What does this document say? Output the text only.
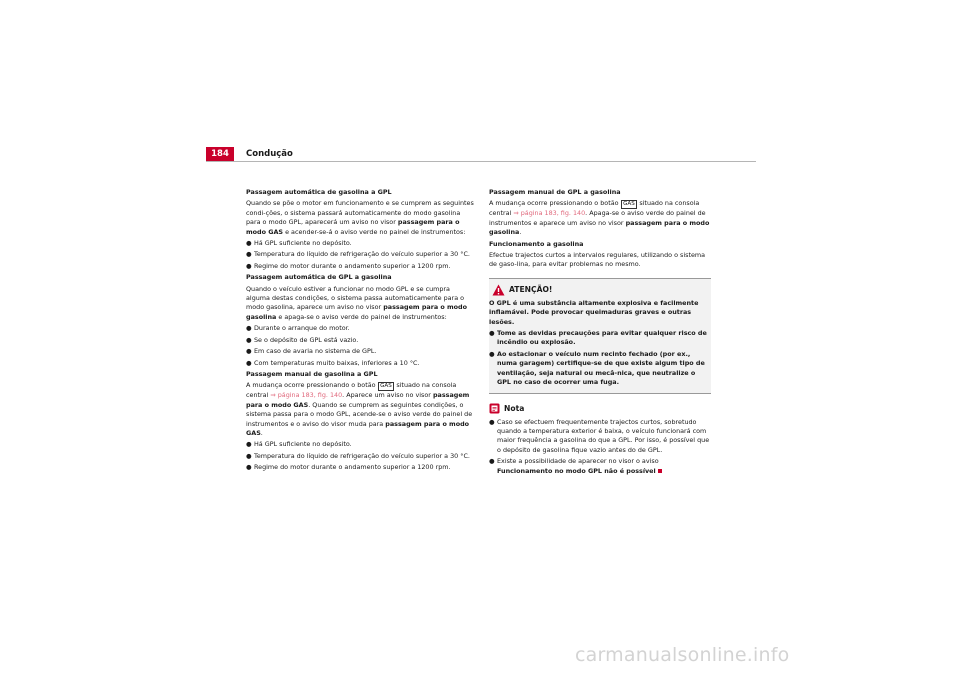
184	Condução

Passagem automática de gasolina a GPL

Quando se põe o motor em funcionamento e se cumprem as seguintes condi-ções, o sistema passará automaticamente do modo gasolina para o modo GPL, aparecerá um aviso no visor passagem para o modo GAS e acender-se-á o aviso verde no painel de instrumentos:

● Há GPL suficiente no depósito.
● Temperatura do líquido de refrigeração do veículo superior a 30 °C.
● Regime do motor durante o andamento superior a 1200 rpm.

Passagem automática de GPL a gasolina

Quando o veículo estiver a funcionar no modo GPL e se cumpra alguma destas condições, o sistema passa automaticamente para o modo gasolina, aparece um aviso no visor passagem para o modo gasolina e apaga-se o aviso verde do painel de instrumentos:

● Durante o arranque do motor.
● Se o depósito de GPL está vazio.
● Em caso de avaria no sistema de GPL.
● Com temperaturas muito baixas, inferiores a 10 °C.

Passagem manual de gasolina a GPL

A mudança ocorre pressionando o botão GAS situado na consola central ⇒ página 183, fig. 140. Aparece um aviso no visor passagem para o modo GAS. Quando se cumprem as seguintes condições, o sistema passa para o modo GPL, acende-se o aviso verde do painel de instrumentos e o aviso do visor muda para passagem para o modo GAS.

● Há GPL suficiente no depósito.
● Temperatura do líquido de refrigeração do veículo superior a 30 °C.
● Regime do motor durante o andamento superior a 1200 rpm.

Passagem manual de GPL a gasolina

A mudança ocorre pressionando o botão GAS situado na consola central ⇒ página 183, fig. 140. Apaga-se o aviso verde do painel de instrumentos e aparece um aviso no visor passagem para o modo gasolina.

Funcionamento a gasolina

Efectue trajectos curtos a intervalos regulares, utilizando o sistema de gaso-lina, para evitar problemas no mesmo.

ATENÇÃO!

O GPL é uma substância altamente explosiva e facilmente inflamável. Pode provocar queimaduras graves e outras lesões.

● Tome as devidas precauções para evitar qualquer risco de incêndio ou explosão.
● Ao estacionar o veículo num recinto fechado (por ex., numa garagem) certifique-se de que existe algum tipo de ventilação, seja natural ou mecâ-nica, que neutralize o GPL no caso de ocorrer uma fuga.
Nota
● Caso se efectuem frequentemente trajectos curtos, sobretudo quando a temperatura exterior é baixa, o veículo funcionará com maior frequência a gasolina do que a GPL. Por isso, é possível que o depósito de gasolina fique vazio antes do de GPL.
● Existe a possibilidade de aparecer no visor o aviso Funcionamento no modo GPL não é possível
carmanualsonline.info
